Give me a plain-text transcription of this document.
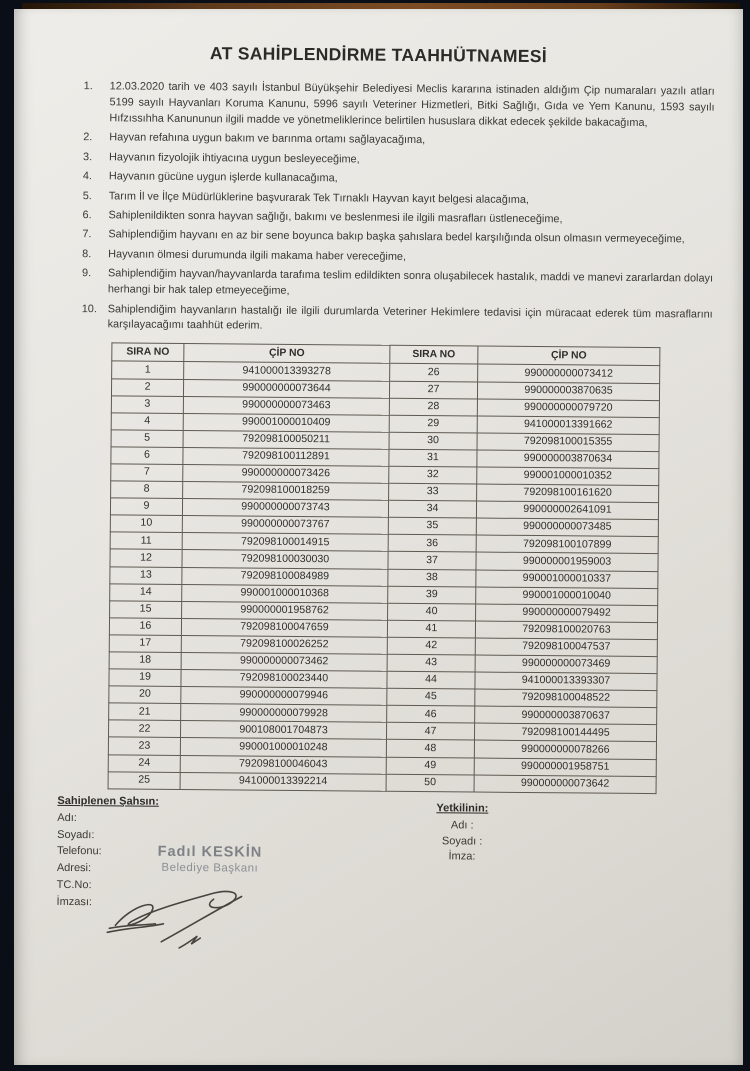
AT SAHİPLENDİRME TAAHHÜTNAMESİ
1.	12.03.2020 tarih ve 403 sayılı İstanbul Büyükşehir Belediyesi Meclis kararına istinaden aldığım Çip numaraları yazılı atları 5199 sayılı Hayvanları Koruma Kanunu, 5996 sayılı Veteriner Hizmetleri, Bitki Sağlığı, Gıda ve Yem Kanunu, 1593 sayılı Hıfzıssıhha Kanununun ilgili madde ve yönetmeliklerince belirtilen hususlara dikkat edecek şekilde bakacağıma,
2.	Hayvan refahına uygun bakım ve barınma ortamı sağlayacağıma,
3.	Hayvanın fizyolojik ihtiyacına uygun besleyeceğime,
4.	Hayvanın gücüne uygun işlerde kullanacağıma,
5.	Tarım İl ve İlçe Müdürlüklerine başvurarak Tek Tırnaklı Hayvan kayıt belgesi alacağıma,
6.	Sahiplenildikten sonra hayvan sağlığı, bakımı ve beslenmesi ile ilgili masrafları üstleneceğime,
7.	Sahiplendiğim hayvanı en az bir sene boyunca bakıp başka şahıslara bedel karşılığında olsun olmasın vermeyeceğime,
8.	Hayvanın ölmesi durumunda ilgili makama haber vereceğime,
9.	Sahiplendiğim hayvan/hayvanlarda tarafıma teslim edildikten sonra oluşabilecek hastalık, maddi ve manevi zararlardan dolayı herhangi bir hak talep etmeyeceğime,
10. Sahiplendiğim hayvanların hastalığı ile ilgili durumlarda Veteriner Hekimlere tedavisi için müracaat ederek tüm masraflarını karşılayacağımı taahhüt ederim.
SIRA NO	ÇİP NO	SIRA NO	ÇİP NO
1	941000013393278	26	990000000073412
2	990000000073644	27	990000003870635
3	990000000073463	28	990000000079720
4	990001000010409	29	941000013391662
5	792098100050211	30	792098100015355
6	792098100112891	31	990000003870634
7	990000000073426	32	990001000010352
8	792098100018259	33	792098100161620
9	990000000073743	34	990000002641091
10	990000000073767	35	990000000073485
11	792098100014915	36	792098100107899
12	792098100030030	37	990000001959003
13	792098100084989	38	990001000010337
14	990001000010368	39	990001000010040
15	990000001958762	40	990000000079492
16	792098100047659	41	792098100020763
17	792098100026252	42	792098100047537
18	990000000073462	43	990000000073469
19	792098100023440	44	941000013393307
20	990000000079946	45	792098100048522
21	990000000079928	46	990000003870637
22	900108001704873	47	792098100144495
23	990001000010248	48	990000000078266
24	792098100046043	49	990000001958751
25	941000013392214	50	990000000073642
Sahiplenen Şahsın:
Adı:
Soyadı:
Telefonu:
Adresi:
TC.No:
İmzası:
Fadıl KESKİN
Belediye Başkanı
Yetkilinin:
Adı :
Soyadı :
İmza:
